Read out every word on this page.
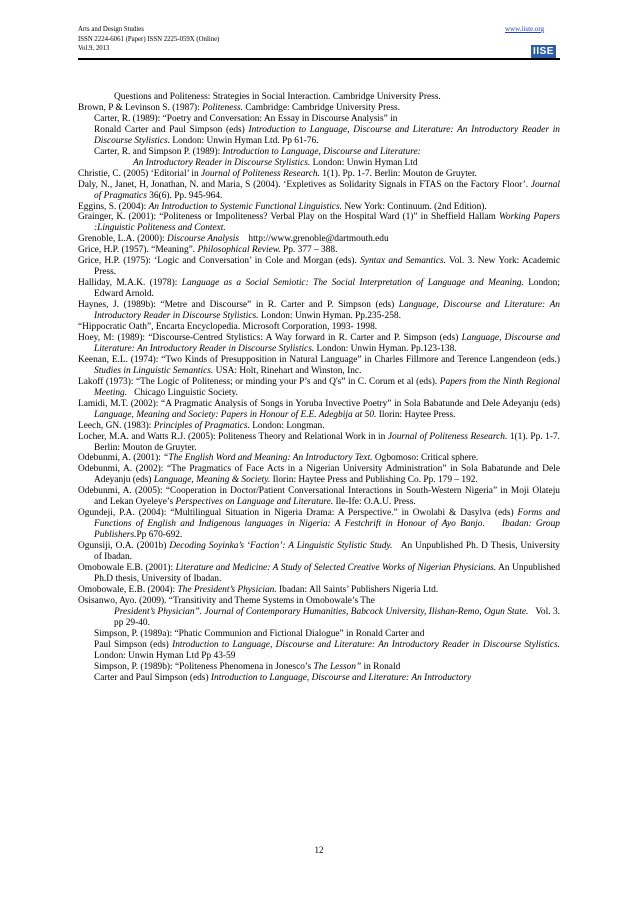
Arts and Design Studies
ISSN 2224-6061 (Paper) ISSN 2225-059X (Online)
Vol.9, 2013
www.iiste.org
IISE

Questions and Politeness: Strategies in Social Interaction. Cambridge University Press.

Brown, P & Levinson S. (1987): Politeness. Cambridge: Cambridge University Press.

Carter, R. (1989): “Poetry and Conversation: An Essay in Discourse Analysis” in

Ronald Carter and Paul Simpson (eds) Introduction to Language, Discourse and Literature: An Introductory Reader in Discourse Stylistics. London: Unwin Hyman Ltd. Pp 61-76.

Carter, R. and Simpson P. (1989): Introduction to Language, Discourse and Literature:

An Introductory Reader in Discourse Stylistics. London: Unwin Hyman Ltd

Christie, C. (2005) ‘Editorial’ in Journal of Politeness Research. 1(1). Pp. 1-7. Berlin: Mouton de Gruyter.

Daly, N., Janet, H, Jonathan, N. and Maria, S (2004). ‘Expletives as Solidarity Signals in FTAS on the Factory Floor’. Journal of Pragmatics 36(6). Pp. 945-964.

Eggins, S. (2004): An Introduction to Systemic Functional Linguistics. New York: Continuum. (2nd Edition).

Grainger, K. (2001): “Politeness or Impoliteness? Verbal Play on the Hospital Ward (1)” in Sheffield Hallam Working Papers :Linguistic Politeness and Context.

Grenoble, L.A. (2000): Discourse Analysis    http://www.grenoble@dartmouth.edu

Grice, H.P. (1957). “Meaning”. Philosophical Review. Pp. 377 – 388.

Grice, H.P. (1975): ‘Logic and Conversation’ in Cole and Morgan (eds). Syntax and Semantics. Vol. 3. New York: Academic Press.

Halliday, M.A.K. (1978): Language as a Social Semiotic: The Social Interpretation of Language and Meaning. London; Edward Arnold.

Haynes, J. (1989b): “Metre and Discourse” in R. Carter and P. Simpson (eds) Language, Discourse and Literature: An Introductory Reader in Discourse Stylistics. London: Unwin Hyman. Pp.235-258.

“Hippocratic Oath”, Encarta Encyclopedia. Microsoft Corporation, 1993- 1998.

Hoey, M: (1989): “Discourse-Centred Stylistics: A Way forward in R. Carter and P. Simpson (eds) Language, Discourse and Literature: An Introductory Reader in Discourse Stylistics. London: Unwin Hyman. Pp.123-138.

Keenan, E.L. (1974): “Two Kinds of Presupposition in Natural Language” in Charles Fillmore and Terence Langendeon (eds.) Studies in Linguistic Semantics. USA: Holt, Rinehart and Winston, Inc.

Lakoff (1973): “The Logic of Politeness; or minding your P’s and Q's” in C. Corum et al (eds). Papers from the Ninth Regional Meeting.   Chicago Linguistic Society.

Lamidi, M.T. (2002): “A Pragmatic Analysis of Songs in Yoruba Invective Poetry” in Sola Babatunde and Dele Adeyanju (eds) Language, Meaning and Society: Papers in Honour of E.E. Adegbija at 50. Ilorin: Haytee Press.

Leech, GN. (1983): Principles of Pragmatics. London: Longman.

Locher, M.A. and Watts R.J. (2005): Politeness Theory and Relational Work in in Journal of Politeness Research. 1(1). Pp. 1-7. Berlin: Mouton de Gruyter.

Odebunmi, A. (2001): “The English Word and Meaning: An Introductory Text. Ogbomoso: Critical sphere.

Odebunmi, A. (2002): “The Pragmatics of Face Acts in a Nigerian University Administration” in Sola Babatunde and Dele Adeyanju (eds) Language, Meaning & Society. Ilorin: Haytee Press and Publishing Co. Pp. 179 – 192.

Odebunmi, A. (2005): “Cooperation in Doctor/Patient Conversational Interactions in South-Western Nigeria” in Moji Olateju and Lekan Oyeleye’s Perspectives on Language and Literature. Ile-Ife: O.A.U. Press.

Ogundeji, P.A. (2004): “Multilingual Situation in Nigeria Drama: A Perspective.” in Owolabi & Dasylva (eds) Forms and Functions of English and Indigenous languages in Nigeria: A Festchrift in Honour of Ayo Banjo.    Ibadan: Group Publishers.Pp 670-692.

Ogunsiji, O.A. (2001b) Decoding Soyinka’s ‘Faction’: A Linguistic Stylistic Study.   An Unpublished Ph. D Thesis, University of Ibadan.

Omobowale E.B. (2001): Literature and Medicine: A Study of Selected Creative Works of Nigerian Physicians. An Unpublished Ph.D thesis, University of Ibadan.

Omobowale, E.B. (2004): The President’s Physician. Ibadan: All Saints’ Publishers Nigeria Ltd.

Osisanwo, Ayo. (2009). “Transitivity and Theme Systems in Omobowale’s The

President’s Physician”. Journal of Contemporary Humanities, Babcock University, Ilishan-Remo, Ogun State.   Vol. 3.   pp 29-40.

Simpson, P. (1989a): “Phatic Communion and Fictional Dialogue” in Ronald Carter and

Paul Simpson (eds) Introduction to Language, Discourse and Literature: An Introductory Reader in Discourse Stylistics. London: Unwin Hyman Ltd Pp 43-59

Simpson, P. (1989b): “Politeness Phenomena in Jonesco’s The Lesson” in Ronald

Carter and Paul Simpson (eds) Introduction to Language, Discourse and Literature: An Introductory

12
